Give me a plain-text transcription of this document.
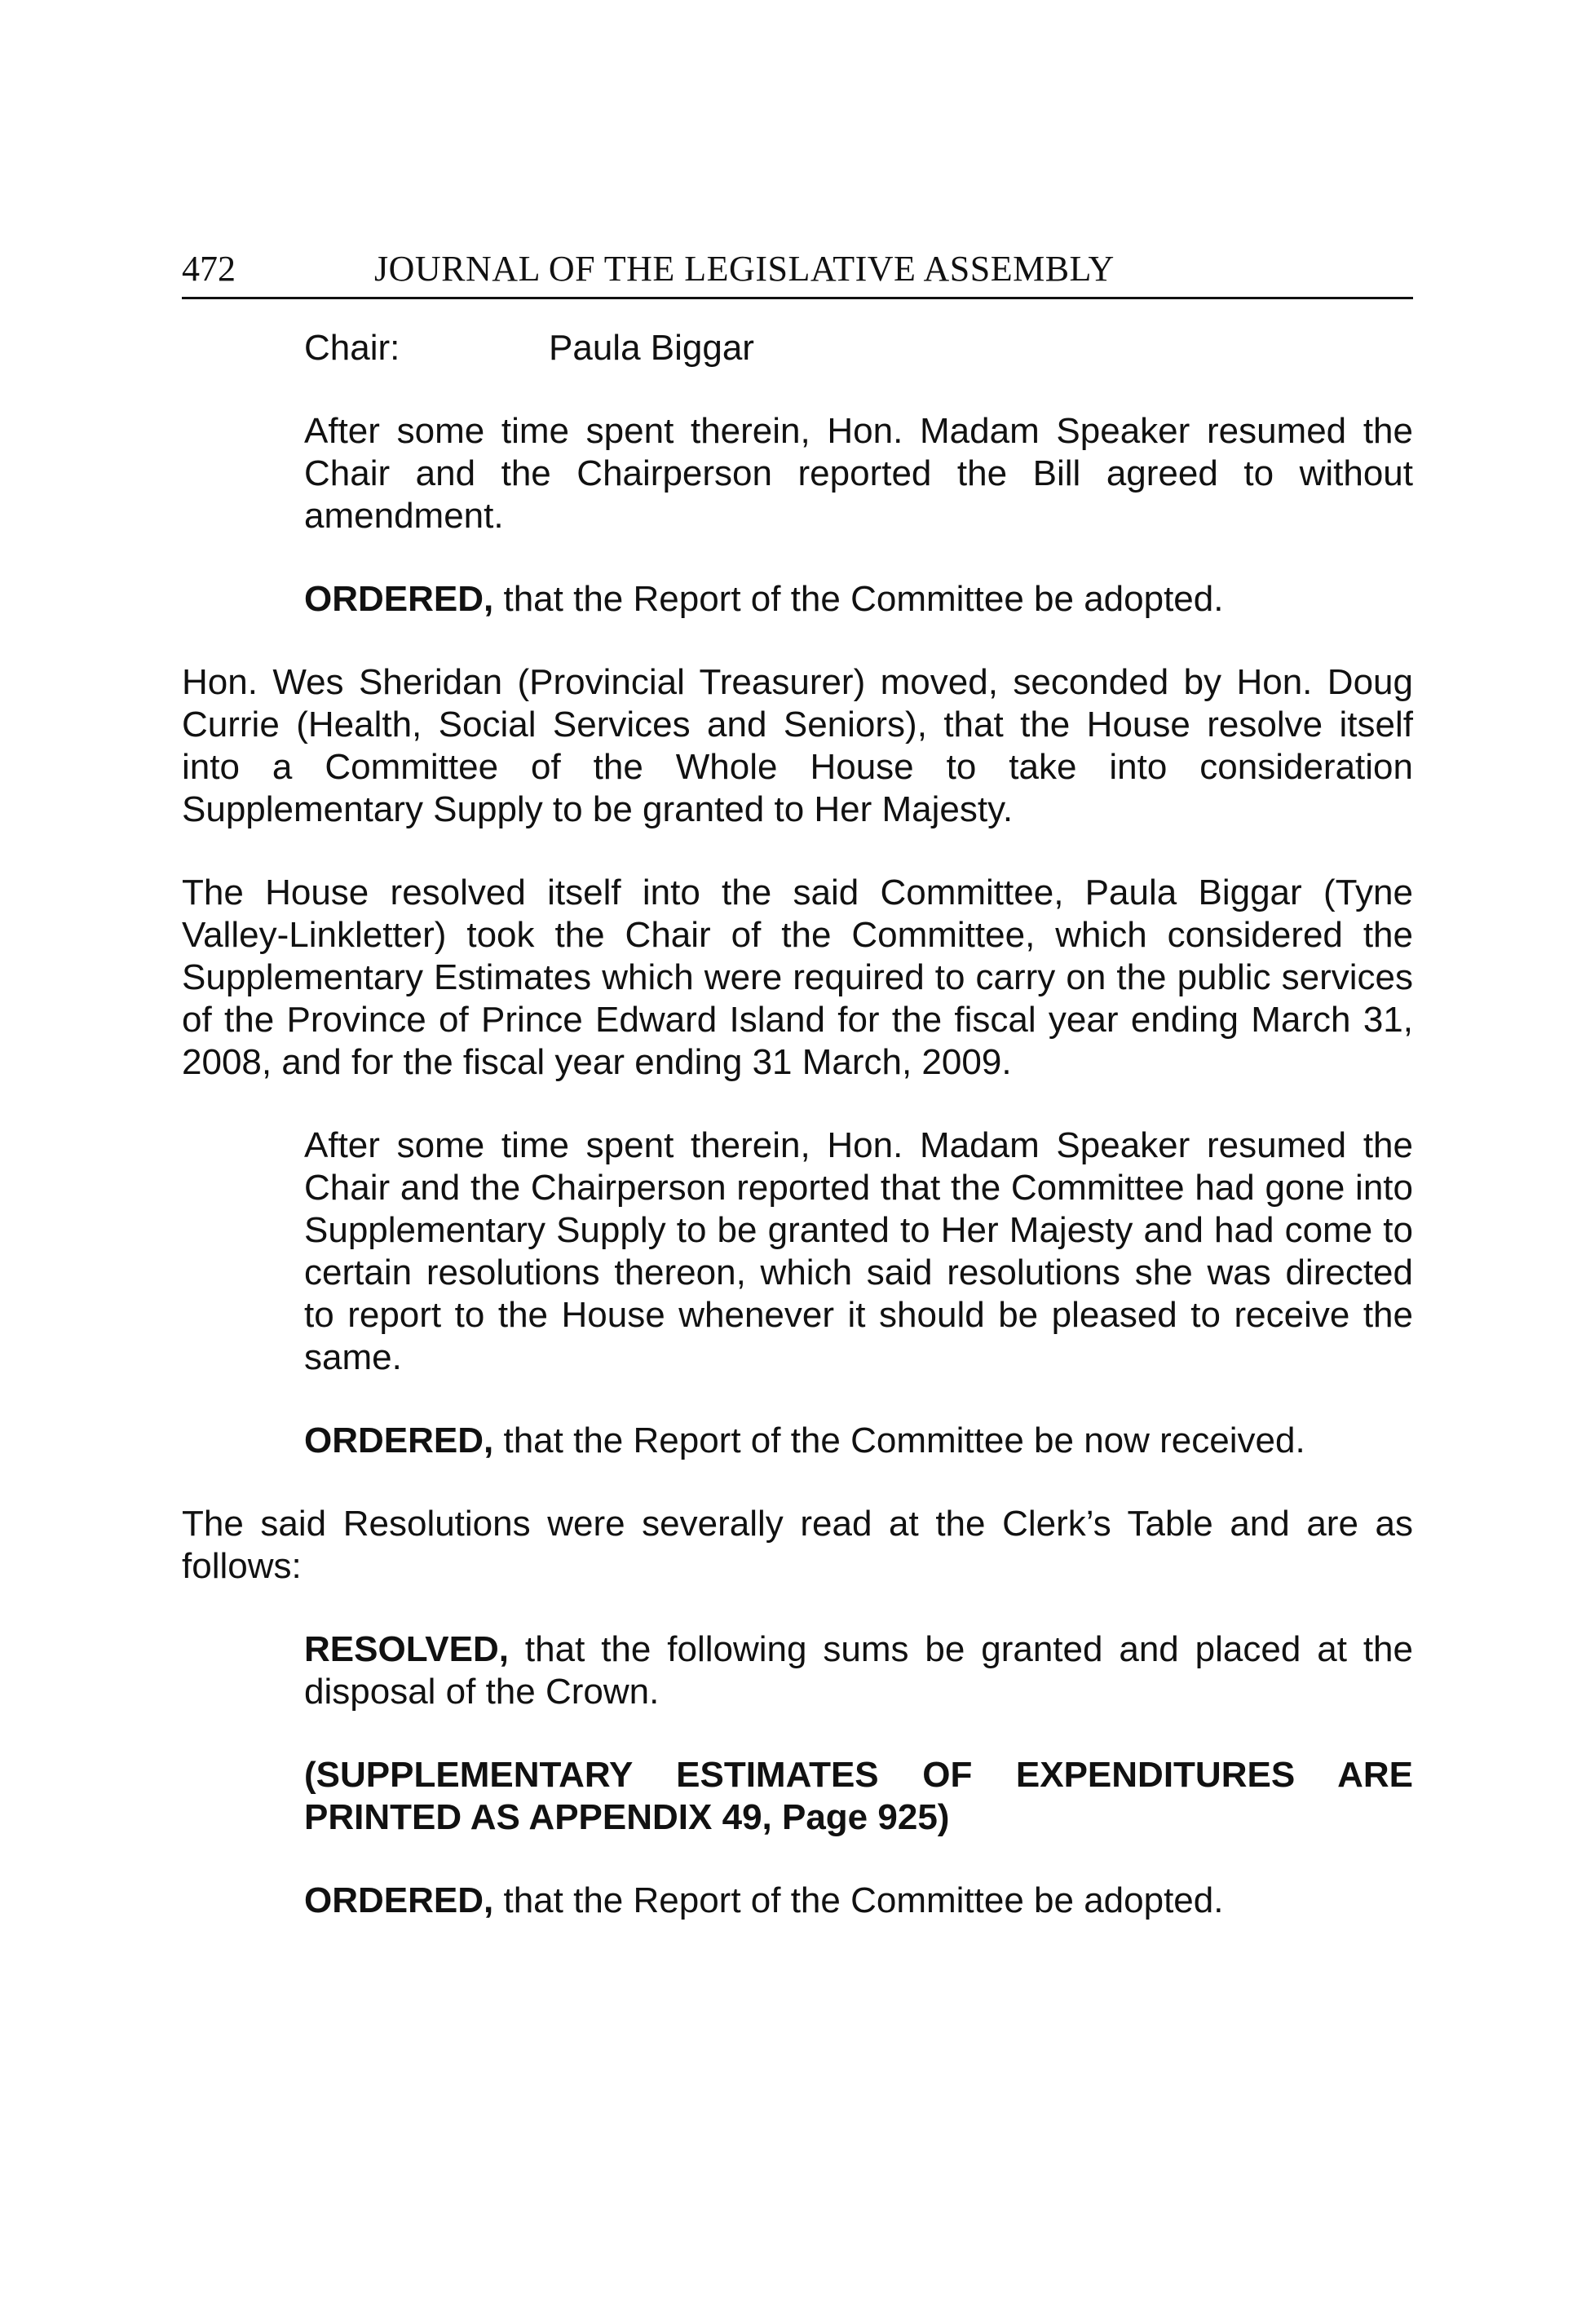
472	JOURNAL OF THE LEGISLATIVE ASSEMBLY
Chair:	Paula Biggar

After some time spent therein, Hon. Madam Speaker resumed the Chair and the Chairperson reported the Bill agreed to without amendment.

ORDERED, that the Report of the Committee be adopted.

Hon. Wes Sheridan (Provincial Treasurer) moved, seconded by Hon. Doug Currie (Health, Social Services and Seniors), that the House resolve itself into a Committee of the Whole House to take into consideration Supplementary Supply to be granted to Her Majesty.

The House resolved itself into the said Committee, Paula Biggar (Tyne Valley-Linkletter) took the Chair of the Committee, which considered the Supplementary Estimates which were required to carry on the public services of the Province of Prince Edward Island for the fiscal year ending March 31, 2008, and for the fiscal year ending 31 March, 2009.

After some time spent therein, Hon. Madam Speaker resumed the Chair and the Chairperson reported that the Committee had gone into Supplementary Supply to be granted to Her Majesty and had come to certain resolutions thereon, which said resolutions she was directed to report to the House whenever it should be pleased to receive the same.

ORDERED, that the Report of the Committee be now received.

The said Resolutions were severally read at the Clerk’s Table and are as follows:

RESOLVED, that the following sums be granted and placed at the disposal of the Crown.

(SUPPLEMENTARY ESTIMATES OF EXPENDITURES ARE PRINTED AS APPENDIX 49, Page 925)

ORDERED, that the Report of the Committee be adopted.
